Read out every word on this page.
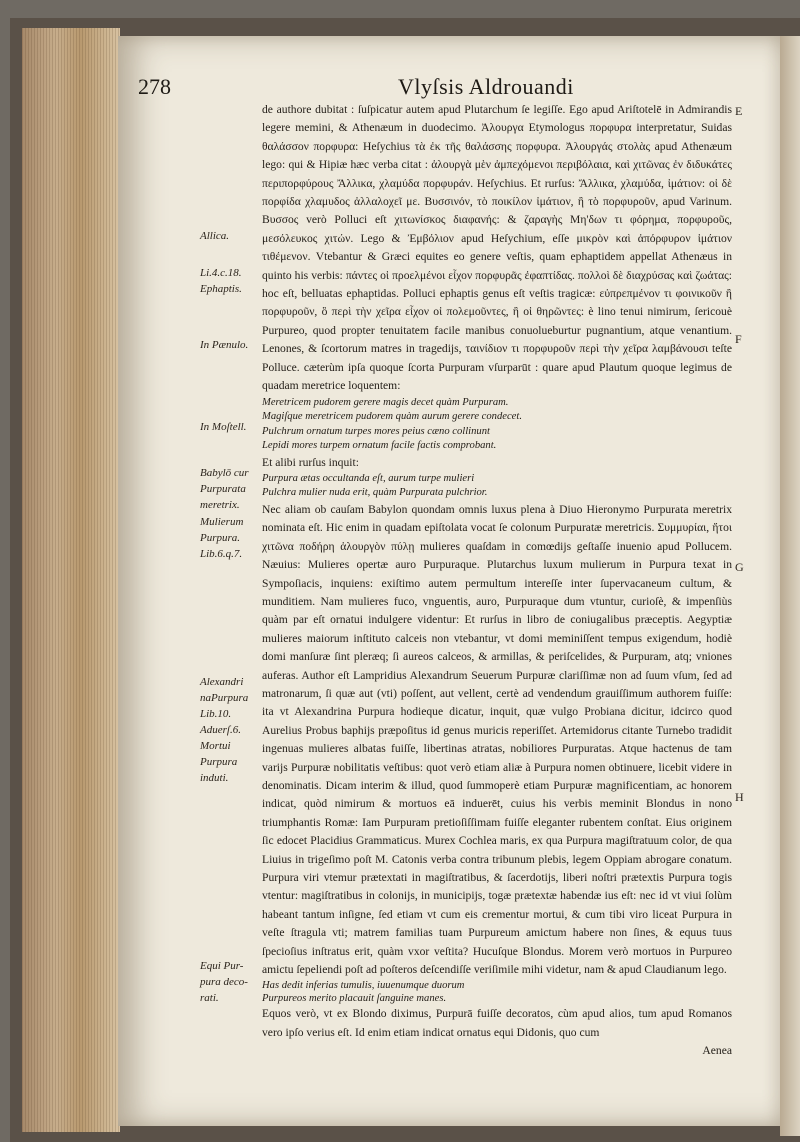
278	Vlyſsis Aldrouandi
Allica.
Li.4.c.18.
Ephaptis.
In Pænulo.
In Moſtell.
Babylō cur
Purpurata
meretrix.
Mulierum
Purpura.
Lib.6.q.7.
Alexandri
naPurpura
Lib.10.
Aduerſ.6.
Mortui
Purpura
induti.
Equi Pur-
pura deco-
rati.
E
F
G
H

de authore dubitat : ſuſpicatur autem apud Plutarchum ſe legiſſe. Ego apud Ariſtotelē in Admirandis legere memini, & Athenæum in duodecimo. Ἀλουργα Etymologus πορφυρα interpretatur, Suidas θαλάσσον πορφυρα: Heſychius τὰ ἐκ τῆς θαλάσσης πορφυρα. Ἀλουργάς στολὰς apud Athenæum lego: qui & Hipiæ hæc verba citat : ἀλουργὰ μὲν ἀμπεχόμενοι περιβόλαια, καὶ χιτῶνας ἐν διδυκάτες περιπορφύρους Ἄλλικα, χλαμύδα πορφυράν. Heſychius. Et rurſus: Ἄλλικα, χλαμύδα, ἱμάτιον: οἱ δὲ πορφίδα χλαμυδος ἀλλαλοχεῖ με. Βυσσινόν, τὸ ποικίλον ἱμάτιον, ἢ τὸ πορφυροῦν, apud Varinum. Βυσσος verò Polluci eſt χιτωνίσκος διαφανής: & ζαραγὴς Μη'δων τι φόρημα, πορφυροῦς, μεσόλευκος χιτών. Lego & Ἐμβόλιον apud Heſychium, eſſe μικρὸν καὶ ἀπόρφυρον ἱμάτιον τιθέμενον. Vtebantur & Græci equites eo genere veſtis, quam ephaptidem appellat Athenæus in quinto his verbis: πάντες οἱ προελμένοι εἶχον πορφυρᾶς ἐφαπτίδας. πολλοὶ δὲ διαχρύσας καὶ ζωάτας: hoc eſt, belluatas ephaptidas. Polluci ephaptis genus eſt veſtis tragicæ: εὐπρεπμένον τι φοινικοῦν ἢ πορφυροῦν, ὃ περὶ τὴν χεῖρα εἶχον οἱ πολεμοῦντες, ἢ οἱ θηρῶντες: è lino tenui nimirum, ſericouè Purpureo, quod propter tenuitatem facile manibus conuolueburtur pugnantium, atque venantium. Lenones, & ſcortorum matres in tragedijs, ταινίδιον τι πορφυροῦν περὶ τὴν χεῖρα λαμβάνουσι teſte Polluce. cæterùm ipſa quoque ſcorta Purpuram vſurparūt : quare apud Plautum quoque legimus de quadam meretrice loquentem:

Meretricem pudorem gerere magis decet quàm Purpuram.

Magiſque meretricem pudorem quàm aurum gerere condecet.

Pulchrum ornatum turpes mores peius cæno collinunt

Lepidi mores turpem ornatum facile factis comprobant.

Et alibi rurſus inquit:

Purpura ætas occultanda eſt, aurum turpe mulieri

Pulchra mulier nuda erit, quàm Purpurata pulchrior.

Nec aliam ob cauſam Babylon quondam omnis luxus plena à Diuo Hieronymo Purpurata meretrix nominata eſt. Hic enim in quadam epiſtolata vocat ſe colonum Purpuratæ meretricis. Συμμυρίαι, ἤτοι χιτῶνα ποδήρη ἁλουργὸν πύλῃ mulieres quaſdam in comœdijs geſtaſſe inuenio apud Pollucem. Næuius: Mulieres opertæ auro Purpuraque. Plutarchus luxum mulierum in Purpura texat in Sympoſiacis, inquiens: exiſtimo autem permultum intereſſe inter ſupervacaneum cultum, & munditiem. Nam mulieres fuco, vnguentis, auro, Purpuraque dum vtuntur, curioſè, & impenſiùs quàm par eſt ornatui indulgere videntur: Et rurſus in libro de coniugalibus præceptis. Aegyptiæ mulieres maiorum inſtituto calceis non vtebantur, vt domi meminiſſent tempus exigendum, hodiè domi manſuræ ſint pleræq; ſi aureos calceos, & armillas, & periſcelides, & Purpuram, atq; vniones auferas. Author eſt Lampridius Alexandrum Seuerum Purpuræ clariſſimæ non ad ſuum vſum, ſed ad matronarum, ſi quæ aut (vti) poſſent, aut vellent, certè ad vendendum grauiſſimum authorem fuiſſe: ita vt Alexandrina Purpura hodieque dicatur, inquit, quæ vulgo Probiana dicitur, idcirco quod Aurelius Probus baphijs præpoſitus id genus muricis reperiſſet. Artemidorus citante Turnebo tradidit ingenuas mulieres albatas fuiſſe, libertinas atratas, nobiliores Purpuratas. Atque hactenus de tam varijs Purpuræ nobilitatis veſtibus: quot verò etiam aliæ à Purpura nomen obtinuere, licebit videre in denominatis. Dicam interim & illud, quod ſummoperè etiam Purpuræ magnificentiam, ac honorem indicat, quòd nimirum & mortuos eā induerēt, cuius his verbis meminit Blondus in nono triumphantis Romæ: Iam Purpuram pretioſiſſimam fuiſſe eleganter rubentem conſtat. Eius originem ſic edocet Placidius Grammaticus. Murex Cochlea maris, ex qua Purpura magiſtratuum color, de qua Liuius in trigeſimo poſt M. Catonis verba contra tribunum plebis, legem Oppiam abrogare conatum. Purpura viri vtemur prætextati in magiſtratibus, & ſacerdotijs, liberi noſtri prætextis Purpura togis vtentur: magiſtratibus in colonijs, in municipijs, togæ prætextæ habendæ ius eſt: nec id vt viui ſolùm habeant tantum inſigne, ſed etiam vt cum eis crementur mortui, & cum tibi viro liceat Purpura in veſte ſtragula vti; matrem familias tuam Purpureum amictum habere non ſines, & equus tuus ſpecioſius inſtratus erit, quàm vxor veſtita? Hucuſque Blondus. Morem verò mortuos in Purpureo amictu ſepeliendi poſt ad poſteros deſcendiſſe veriſimile mihi videtur, nam & apud Claudianum lego.

Has dedit inferias tumulis, iuuenumque duorum

Purpureos merito placauit ſanguine manes.

Equos verò, vt ex Blondo diximus, Purpurā fuiſſe decoratos, cùm apud alios, tum apud Romanos vero ipſo verius eſt. Id enim etiam indicat ornatus equi Didonis, quo cum

Aenea
